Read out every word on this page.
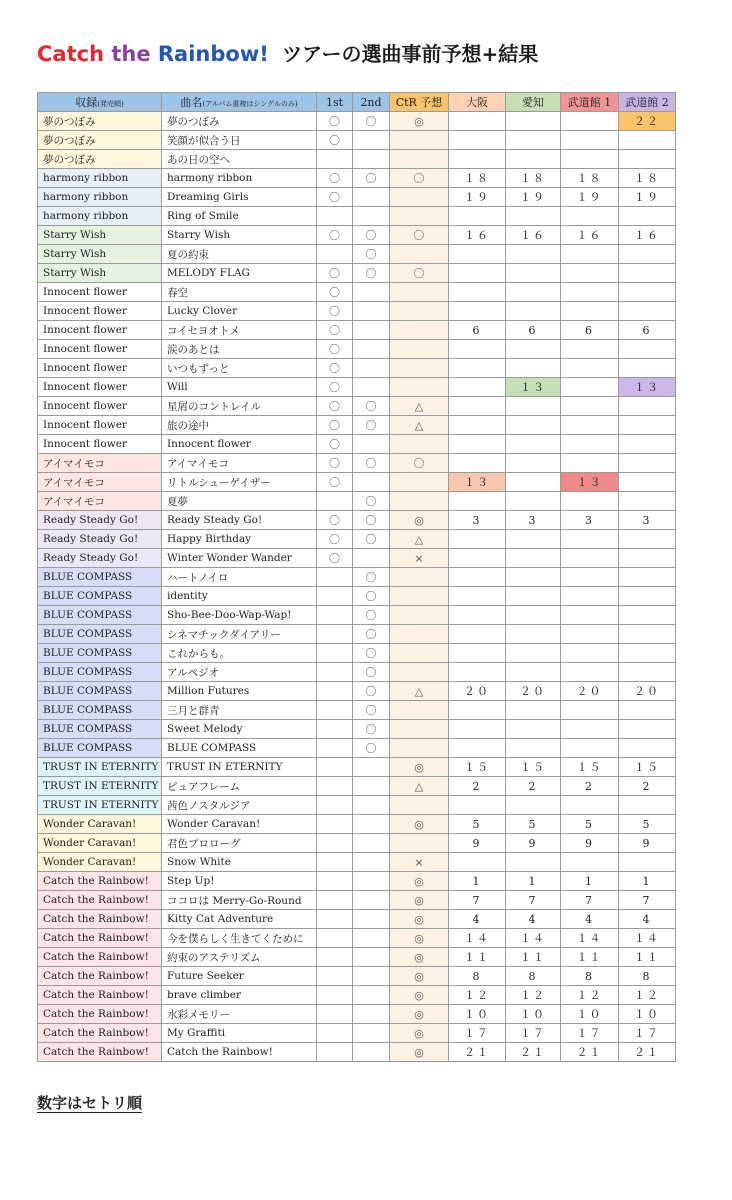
Catch the Rainbow! ツアーの選曲事前予想+結果
収録(発売順)	曲名(アルバム重複はシングルのみ)	1st	2nd	CtR 予想	大阪	愛知	武道館 1	武道館 2
夢のつぼみ	夢のつぼみ	〇	〇	◎				２２
夢のつぼみ	笑顔が似合う日	〇						
夢のつぼみ	あの日の空へ							
harmony ribbon	harmony ribbon	〇	〇	〇	１８	１８	１８	１８
harmony ribbon	Dreaming Girls	〇			１９	１９	１９	１９
harmony ribbon	Ring of Smile							
Starry Wish	Starry Wish	〇	〇	〇	１６	１６	１６	１６
Starry Wish	夏の約束		〇					
Starry Wish	MELODY FLAG	〇	〇	〇				
Innocent flower	春空	〇						
Innocent flower	Lucky Clover	〇						
Innocent flower	コイセヨオトメ	〇			6	6	6	6
Innocent flower	涙のあとは	〇						
Innocent flower	いつもずっと	〇						
Innocent flower	Will	〇				１３		１３
Innocent flower	星屑のコントレイル	〇	〇	△				
Innocent flower	旅の途中	〇	〇	△				
Innocent flower	Innocent flower	〇						
アイマイモコ	アイマイモコ	〇	〇	〇				
アイマイモコ	リトルシューゲイザー	〇			１３		１３	
アイマイモコ	夏夢		〇					
Ready Steady Go!	Ready Steady Go!	〇	〇	◎	3	3	3	3
Ready Steady Go!	Happy Birthday	〇	〇	△				
Ready Steady Go!	Winter Wonder Wander	〇		×				
BLUE COMPASS	ハートノイロ		〇					
BLUE COMPASS	identity		〇					
BLUE COMPASS	Sho-Bee-Doo-Wap-Wap!		〇					
BLUE COMPASS	シネマチックダイアリー		〇					
BLUE COMPASS	これからも。		〇					
BLUE COMPASS	アルペジオ		〇					
BLUE COMPASS	Million Futures		〇	△	２０	２０	２０	２０
BLUE COMPASS	三月と群青		〇					
BLUE COMPASS	Sweet Melody		〇					
BLUE COMPASS	BLUE COMPASS		〇					
TRUST IN ETERNITY	TRUST IN ETERNITY			◎	１５	１５	１５	１５
TRUST IN ETERNITY	ピュアフレーム			△	2	2	2	2
TRUST IN ETERNITY	茜色ノスタルジア							
Wonder Caravan!	Wonder Caravan!			◎	5	5	5	5
Wonder Caravan!	君色プロローグ				9	9	9	9
Wonder Caravan!	Snow White			×				
Catch the Rainbow!	Step Up!			◎	1	1	1	1
Catch the Rainbow!	ココロは Merry-Go-Round			◎	7	7	7	7
Catch the Rainbow!	Kitty Cat Adventure			◎	4	4	4	4
Catch the Rainbow!	今を僕らしく生きてくために			◎	１４	１４	１４	１４
Catch the Rainbow!	約束のアステリズム			◎	１１	１１	１１	１１
Catch the Rainbow!	Future Seeker			◎	8	8	8	8
Catch the Rainbow!	brave climber			◎	１２	１２	１２	１２
Catch the Rainbow!	水彩メモリー			◎	１０	１０	１０	１０
Catch the Rainbow!	My Graffiti			◎	１７	１７	１７	１７
Catch the Rainbow!	Catch the Rainbow!			◎	２１	２１	２１	２１
数字はセトリ順
